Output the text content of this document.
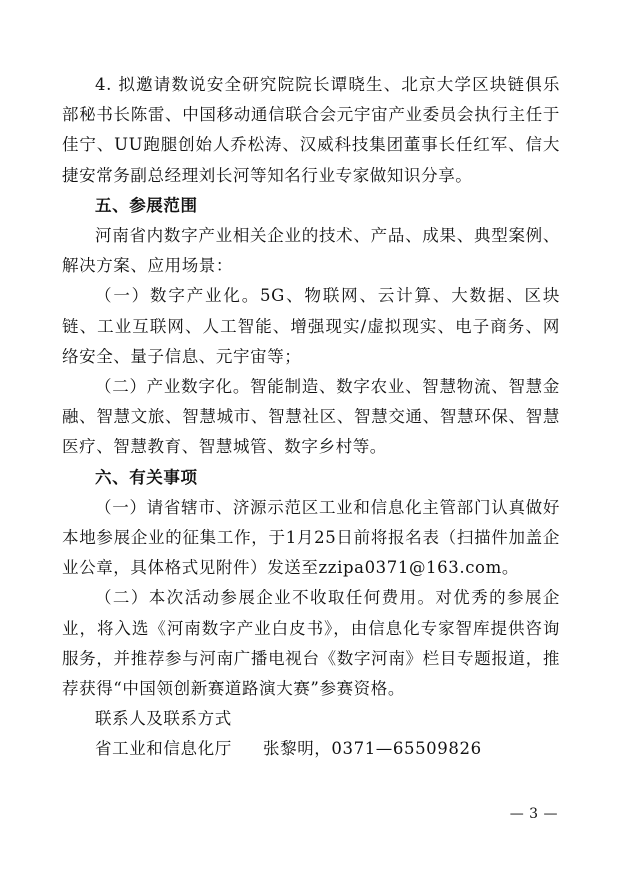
4. 拟邀请数说安全研究院院长谭晓生、北京大学区块链俱乐部秘书长陈雷、中国移动通信联合会元宇宙产业委员会执行主任于佳宁、UU跑腿创始人乔松涛、汉威科技集团董事长任红军、信大捷安常务副总经理刘长河等知名行业专家做知识分享。

五、参展范围

河南省内数字产业相关企业的技术、产品、成果、典型案例、解决方案、应用场景：

（一）数字产业化。5G、物联网、云计算、大数据、区块链、工业互联网、人工智能、增强现实/虚拟现实、电子商务、网络安全、量子信息、元宇宙等；

（二）产业数字化。智能制造、数字农业、智慧物流、智慧金融、智慧文旅、智慧城市、智慧社区、智慧交通、智慧环保、智慧医疗、智慧教育、智慧城管、数字乡村等。

六、有关事项

（一）请省辖市、济源示范区工业和信息化主管部门认真做好本地参展企业的征集工作，于1月25日前将报名表（扫描件加盖企业公章，具体格式见附件）发送至zzipa0371@163.com。

（二）本次活动参展企业不收取任何费用。对优秀的参展企业，将入选《河南数字产业白皮书》，由信息化专家智库提供咨询服务，并推荐参与河南广播电视台《数字河南》栏目专题报道，推荐获得“中国领创新赛道路演大赛”参赛资格。

联系人及联系方式

省工业和信息化厅 张黎明，0371—65509826

— 3 —
